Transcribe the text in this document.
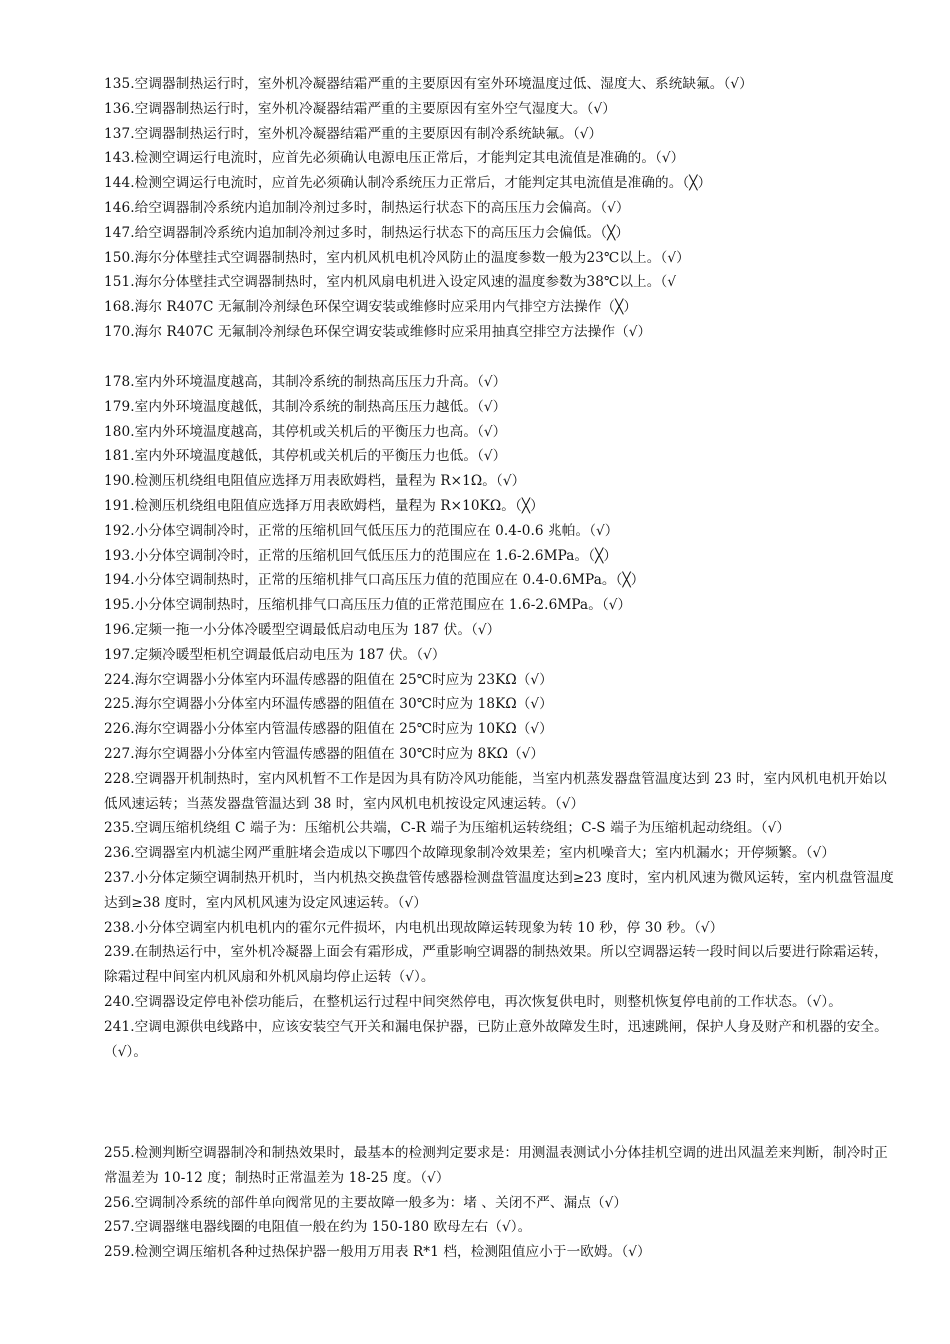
135.空调器制热运行时，室外机冷凝器结霜严重的主要原因有室外环境温度过低、湿度大、系统缺氟。（√）

136.空调器制热运行时，室外机冷凝器结霜严重的主要原因有室外空气湿度大。（√）

137.空调器制热运行时，室外机冷凝器结霜严重的主要原因有制冷系统缺氟。（√）

143.检测空调运行电流时，应首先必须确认电源电压正常后，才能判定其电流值是准确的。（√）

144.检测空调运行电流时，应首先必须确认制冷系统压力正常后，才能判定其电流值是准确的。（╳）

146.给空调器制冷系统内追加制冷剂过多时，制热运行状态下的高压压力会偏高。（√）

147.给空调器制冷系统内追加制冷剂过多时，制热运行状态下的高压压力会偏低。（╳）

150.海尔分体壁挂式空调器制热时，室内机风机电机冷风防止的温度参数一般为23℃以上。（√）

151.海尔分体壁挂式空调器制热时，室内机风扇电机进入设定风速的温度参数为38℃以上。（√

168.海尔 R407C 无氟制冷剂绿色环保空调安装或维修时应采用内气排空方法操作（╳）

170.海尔 R407C 无氟制冷剂绿色环保空调安装或维修时应采用抽真空排空方法操作（√）

178.室内外环境温度越高，其制冷系统的制热高压压力升高。（√）

179.室内外环境温度越低，其制冷系统的制热高压压力越低。（√）

180.室内外环境温度越高，其停机或关机后的平衡压力也高。（√）

181.室内外环境温度越低，其停机或关机后的平衡压力也低。（√）

190.检测压机绕组电阻值应选择万用表欧姆档，量程为 R×1Ω。（√）

191.检测压机绕组电阻值应选择万用表欧姆档，量程为 R×10KΩ。（╳）

192.小分体空调制冷时，正常的压缩机回气低压压力的范围应在 0.4-0.6 兆帕。（√）

193.小分体空调制冷时，正常的压缩机回气低压压力的范围应在 1.6-2.6MPa。（╳）

194.小分体空调制热时，正常的压缩机排气口高压压力值的范围应在 0.4-0.6MPa。（╳）

195.小分体空调制热时，压缩机排气口高压压力值的正常范围应在 1.6-2.6MPa。（√）

196.定频一拖一小分体冷暖型空调最低启动电压为 187 伏。（√）

197.定频冷暖型柜机空调最低启动电压为 187 伏。（√）

224.海尔空调器小分体室内环温传感器的阻值在 25℃时应为 23KΩ（√）

225.海尔空调器小分体室内环温传感器的阻值在 30℃时应为 18KΩ（√）

226.海尔空调器小分体室内管温传感器的阻值在 25℃时应为 10KΩ（√）

227.海尔空调器小分体室内管温传感器的阻值在 30℃时应为 8KΩ（√）

228.空调器开机制热时，室内风机暂不工作是因为具有防冷风功能能，当室内机蒸发器盘管温度达到 23 时，室内风机电机开始以低风速运转；当蒸发器盘管温达到 38 时，室内风机电机按设定风速运转。（√）

235.空调压缩机绕组 C 端子为：压缩机公共端，C-R 端子为压缩机运转绕组；C-S 端子为压缩机起动绕组。（√）

236.空调器室内机滤尘网严重脏堵会造成以下哪四个故障现象制冷效果差；室内机噪音大；室内机漏水；开停频繁。（√）

237.小分体定频空调制热开机时，当内机热交换盘管传感器检测盘管温度达到≥23 度时，室内机风速为微风运转，室内机盘管温度达到≥38 度时，室内风机风速为设定风速运转。（√）

238.小分体空调室内机电机内的霍尔元件损坏，内电机出现故障运转现象为转 10 秒，停 30 秒。（√）

239.在制热运行中，室外机冷凝器上面会有霜形成，严重影响空调器的制热效果。所以空调器运转一段时间以后要进行除霜运转，除霜过程中间室内机风扇和外机风扇均停止运转（√）。

240.空调器设定停电补偿功能后，在整机运行过程中间突然停电，再次恢复供电时，则整机恢复停电前的工作状态。（√）。

241.空调电源供电线路中，应该安装空气开关和漏电保护器，已防止意外故障发生时，迅速跳闸，保护人身及财产和机器的安全。（√）。

255.检测判断空调器制冷和制热效果时，最基本的检测判定要求是：用测温表测试小分体挂机空调的进出风温差来判断，制冷时正常温差为 10-12 度；制热时正常温差为 18-25 度。（√）

256.空调制冷系统的部件单向阀常见的主要故障一般多为：堵 、关闭不严、漏点（√）

257.空调器继电器线圈的电阻值一般在约为 150-180 欧母左右（√）。

259.检测空调压缩机各种过热保护器一般用万用表 R*1 档，检测阻值应小于一欧姆。（√）
